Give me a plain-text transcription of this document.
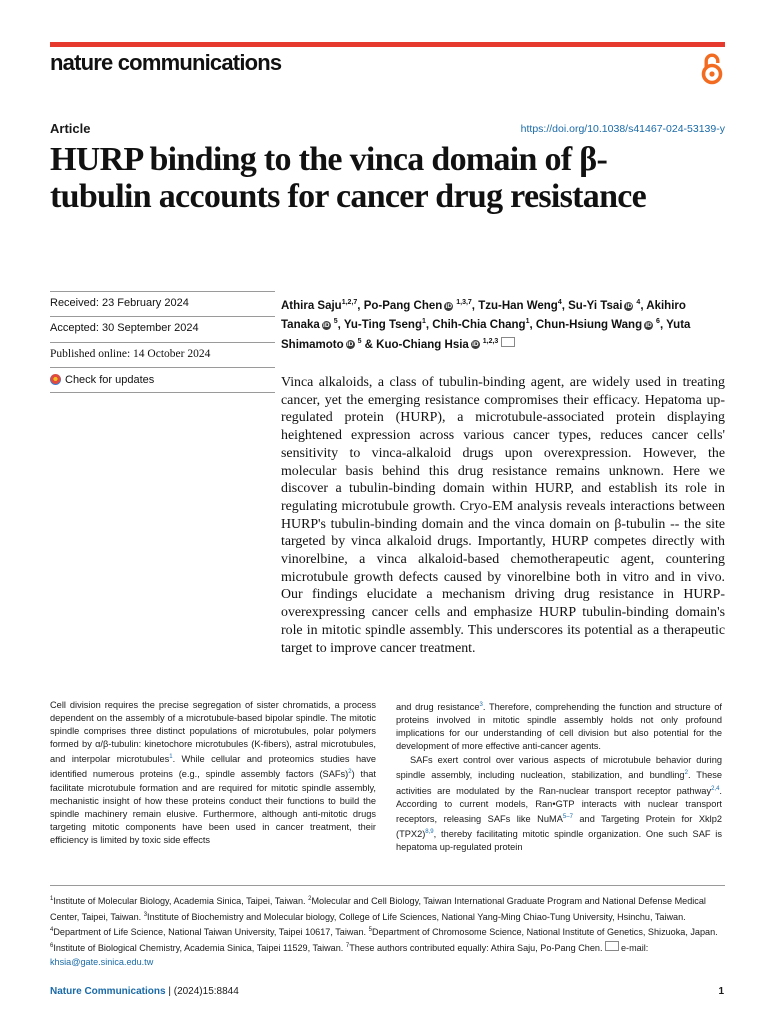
nature communications
Article	https://doi.org/10.1038/s41467-024-53139-y
HURP binding to the vinca domain of β-tubulin accounts for cancer drug resistance
Received: 23 February 2024
Accepted: 30 September 2024
Published online: 14 October 2024
Check for updates
Athira Saju$^{1,2,7}$, Po-Pang Chen iD $^{1,3,7}$, Tzu-Han Weng$^4$, Su-Yi Tsai iD $^4$, Akihiro Tanaka iD $^5$, Yu-Ting Tseng$^1$, Chih-Chia Chang$^1$, Chun-Hsiung Wang iD $^6$, Yuta Shimamoto iD $^5$ & Kuo-Chiang Hsia iD $^{1,2,3}$
Vinca alkaloids, a class of tubulin-binding agent, are widely used in treating cancer, yet the emerging resistance compromises their efficacy. Hepatoma up-regulated protein (HURP), a microtubule-associated protein displaying heightened expression across various cancer types, reduces cancer cells' sensitivity to vinca-alkaloid drugs upon overexpression. However, the molecular basis behind this drug resistance remains unknown. Here we discover a tubulin-binding domain within HURP, and establish its role in regulating microtubule growth. Cryo-EM analysis reveals interactions between HURP's tubulin-binding domain and the vinca domain on β-tubulin -- the site targeted by vinca alkaloid drugs. Importantly, HURP competes directly with vinorelbine, a vinca alkaloid-based chemotherapeutic agent, countering microtubule growth defects caused by vinorelbine both in vitro and in vivo. Our findings elucidate a mechanism driving drug resistance in HURP-overexpressing cancer cells and emphasize HURP tubulin-binding domain's role in mitotic spindle assembly. This underscores its potential as a therapeutic target to improve cancer treatment.
Cell division requires the precise segregation of sister chromatids, a process dependent on the assembly of a microtubule-based bipolar spindle. The mitotic spindle comprises three distinct populations of microtubules, polar polymers formed by α/β-tubulin: kinetochore microtubules (K-fibers), astral microtubules, and interpolar microtubules$^1$. While cellular and proteomics studies have identified numerous proteins (e.g., spindle assembly factors (SAFs)$^2$) that facilitate microtubule formation and are required for mitotic spindle assembly, mechanistic insight of how these proteins conduct their functions to build the spindle machinery remain elusive. Furthermore, although anti-mitotic drugs targeting mitotic components have been used in cancer treatment, their efficiency is limited by toxic side effects
and drug resistance$^3$. Therefore, comprehending the function and structure of proteins involved in mitotic spindle assembly holds not only profound implications for our understanding of cell division but also potential for the development of more effective anti-cancer agents.
SAFs exert control over various aspects of microtubule behavior during spindle assembly, including nucleation, stabilization, and bundling$^2$. These activities are modulated by the Ran-nuclear transport receptor pathway$^{2,4}$. According to current models, Ran•GTP interacts with nuclear transport receptors, releasing SAFs like NuMA$^{5-7}$ and Targeting Protein for Xklp2 (TPX2)$^{8,9}$, thereby facilitating mitotic spindle organization. One such SAF is hepatoma up-regulated protein
$^1$Institute of Molecular Biology, Academia Sinica, Taipei, Taiwan. $^2$Molecular and Cell Biology, Taiwan International Graduate Program and National Defense Medical Center, Taipei, Taiwan. $^3$Institute of Biochemistry and Molecular biology, College of Life Sciences, National Yang-Ming Chiao-Tung University, Hsinchu, Taiwan. $^4$Department of Life Science, National Taiwan University, Taipei 10617, Taiwan. $^5$Department of Chromosome Science, National Institute of Genetics, Shizuoka, Japan. $^6$Institute of Biological Chemistry, Academia Sinica, Taipei 11529, Taiwan. $^7$These authors contributed equally: Athira Saju, Po-Pang Chen. e-mail: khsia@gate.sinica.edu.tw
Nature Communications | (2024)15:8844	1
